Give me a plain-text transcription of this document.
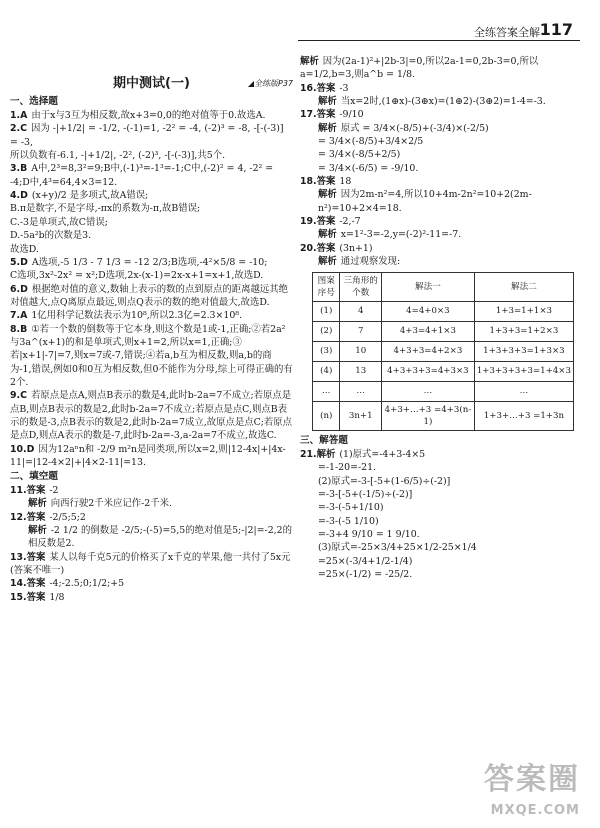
全练答案全解 117
期中测试(一)	◢全练版P37
一、选择题

1.A 由于x与3互为相反数,故x+3=0,0的绝对值等于0.故选A.

2.C 因为 -|+1/2| = -1/2, -(-1)=1, -2² = -4, (-2)³ = -8, -[-(-3)] = -3,

所以负数有-6.1, -|+1/2|, -2², (-2)³, -[-(-3)],共5个.

3.B A中,2³=8,3²=9;B中,(-1)³=-1³=-1;C中,(-2)² = 4, -2² = -4;D中,4³=64,4×3=12.

4.D (x+y)/2 是多项式,故A错误;

B.π是数字,不是字母,-πx的系数为-π,故B错误;

C.-3是单项式,故C错误;

D.-5a²b的次数是3.

故选D.

5.D A选项,-5 1/3 - 7 1/3 = -12 2/3;B选项,-4²×5/8 = -10;

C选项,3x²-2x² = x²;D选项,2x-(x-1)=2x-x+1=x+1,故选D.

6.D 根据绝对值的意义,数轴上表示的数的点到原点的距离越远其绝对值越大,点Q离原点最远,则点Q表示的数的绝对值最大,故选D.

7.A 1亿用科学记数法表示为10⁸,所以2.3亿=2.3×10⁸.

8.B ①若一个数的倒数等于它本身,则这个数是1或-1,正确;②若2a²与3a^(x+1)的和是单项式,则x+1=2,所以x=1,正确;③若|x+1|-7|=7,则x=7或-7,错误;④若a,b互为相反数,则a,b的商为-1,错误,例如0和0互为相反数,但0不能作为分母,综上可得正确的有2个.

9.C 若原点是点A,则点B表示的数是4,此时b-2a=7不成立;若原点是点B,则点B表示的数是2,此时b-2a=7不成立;若原点是点C,则点B表示的数是-3,点B表示的数是2,此时b-2a=7成立,故原点是点C;若原点是点D,则点A表示的数是-7,此时b-2a=-3,a-2a=7不成立,故选C.

10.D 因为12aⁿn和 -2/9 m²n是同类项,所以x=2,则|12-4x|+|4x-11|=|12-4×2|+|4×2-11|=13.

二、填空题

11.答案 -2

解析 向西行驶2千米应记作-2千米.

12.答案 -2/5;5;2

解析 -2 1/2 的倒数是 -2/5;-(-5)=5,5的绝对值是5;-|2|=-2,2的相反数是2.

13.答案 某人以每千克5元的价格买了x千克的苹果,他一共付了5x元(答案不唯一)

14.答案 -4;-2.5;0;1/2;+5

15.答案 1/8

解析 因为(2a-1)²+|2b-3|=0,所以2a-1=0,2b-3=0,所以a=1/2,b=3,则a^b = 1/8.

16.答案 -3

解析 当x=2时,(1⊕x)-(3⊕x)=(1⊕2)-(3⊕2)=1-4=-3.

17.答案 -9/10

解析 原式 = 3/4×(-8/5)+(-3/4)×(-2/5)

= 3/4×(-8/5)+3/4×2/5

= 3/4×(-8/5+2/5)

= 3/4×(-6/5) = -9/10.

18.答案 18

解析 因为2m-n²=4,所以10+4m-2n²=10+2(2m-n²)=10+2×4=18.

19.答案 -2,-7

解析 x=1²-3=-2,y=(-2)²-11=-7.

20.答案 (3n+1)

解析 通过观察发现:

图案序号	三角形的个数	解法一	解法二
(1)	4	4=4+0×3	1+3=1+1×3
(2)	7	4+3=4+1×3	1+3+3=1+2×3
(3)	10	4+3+3=4+2×3	1+3+3+3=1+3×3
(4)	13	4+3+3+3=4+3×3	1+3+3+3+3=1+4×3
…	…	…	…
(n)	3n+1	4+3+…+3 =4+3(n-1)	1+3+…+3 =1+3n
三、解答题

21.解析 (1)原式=-4+3-4×5

=-1-20=-21.

(2)原式=-3-[-5+(1-6/5)÷(-2)]

=-3-[-5+(-1/5)÷(-2)]

=-3-(-5+1/10)

=-3-(-5 1/10)

=-3+4 9/10 = 1 9/10.

(3)原式=-25×3/4+25×1/2-25×1/4

=25×(-3/4+1/2-1/4)

=25×(-1/2) = -25/2.

答案圈
MXQE.COM
